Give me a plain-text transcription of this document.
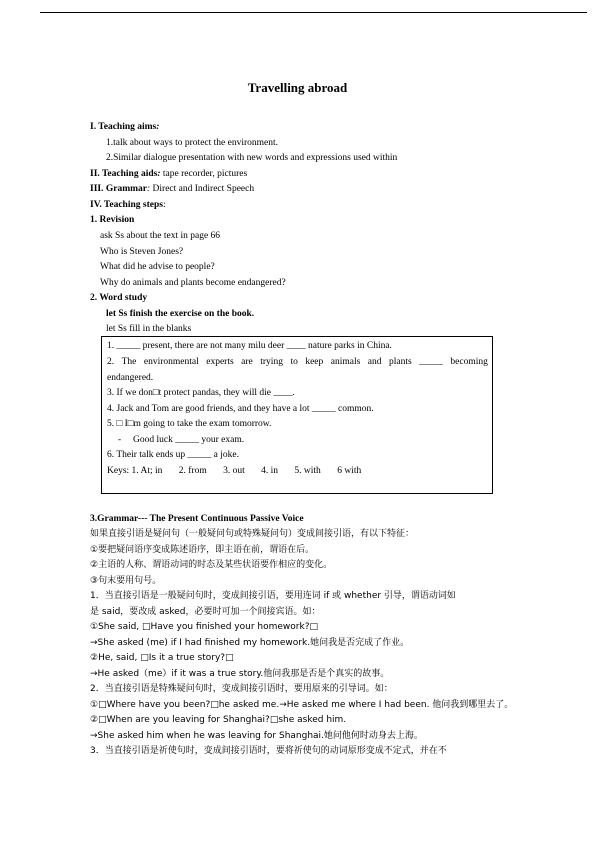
Travelling abroad
I. Teaching aims:
1.talk about ways to protect the environment.
2.Similar dialogue presentation with new words and expressions used within
II. Teaching aids: tape recorder, pictures
III. Grammar: Direct and Indirect Speech
IV. Teaching steps:
1. Revision
ask Ss about the text in page 66
Who is Steven Jones?
What did he advise to people?
Why do animals and plants become endangered?
2. Word study
let Ss finish the exercise on the book.
let Ss fill in the blanks
1. _____ present, there are not many milu deer ____ nature parks in China.
2. The environmental experts are trying to keep animals and plants _____ becoming
endangered.
3. If we don□t protect pandas, they will die ____.
4. Jack and Tom are good friends, and they have a lot _____ common.
5. □ I□m going to take the exam tomorrow.
-     Good luck _____ your exam.
6. Their talk ends up _____ a joke.
Keys: 1. At; in 2. from 3. out 4. in 5. with 6 with
3.Grammar--- The Present Continuous Passive Voice
如果直接引语是疑问句（一般疑问句或特殊疑问句）变成间接引语，有以下特征：
①要把疑问语序变成陈述语序，即主语在前，谓语在后。
②主语的人称、谓语动词的时态及某些状语要作相应的变化。
③句末要用句号。
1．当直接引语是一般疑问句时，变成间接引语，要用连词 if 或 whether 引导，谓语动词如
是 said，要改成 asked，必要时可加一个间接宾语。如：
①She said, □Have you finished your homework?□
→She asked (me) if I had finished my homework.她问我是否完成了作业。
②He, said, □Is it a true story?□
→He asked（me）if it was a true story.他问我那是否是个真实的故事。
2．当直接引语是特殊疑问句时，变成间接引语时，要用原来的引导词。如：
①□Where have you been?□he asked me.→He asked me where I had been. 他问我到哪里去了。
②□When are you leaving for Shanghai?□she asked him.
→She asked him when he was leaving for Shanghai.她问他何时动身去上海。
3．当直接引语是祈使句时，变成间接引语时，要将祈使句的动词原形变成不定式，并在不
